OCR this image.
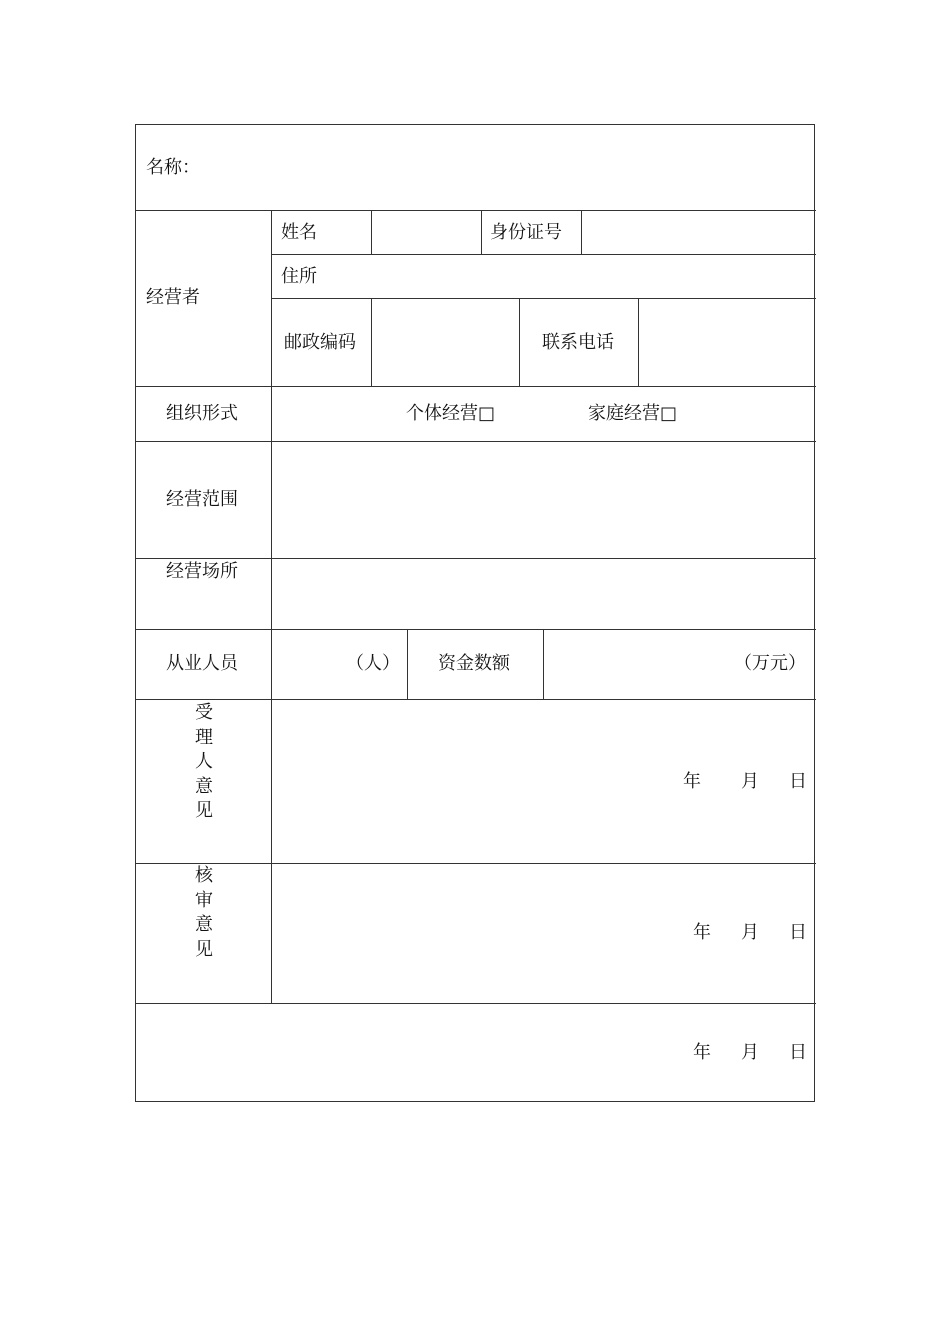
名称：
经营者
姓名	身份证号
住所
邮政编码	联系电话
组织形式	个体经营□	家庭经营□
经营范围
经营场所
从业人员	（人） 资金数额	（万元）
受
理
人
意
见
年 月 日
核
审
意
见
年 月 日
年 月 日
